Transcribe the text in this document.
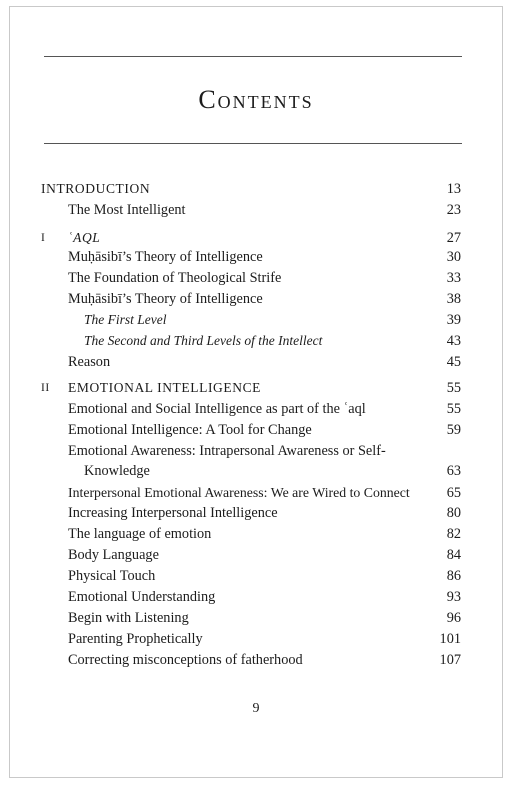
Contents
INTRODUCTION	13
The Most Intelligent	23
I ʿAQL	27
Muḥāsibī’s Theory of Intelligence	30
The Foundation of Theological Strife	33
Muḥāsibī’s Theory of Intelligence	38
The First Level	39
The Second and Third Levels of the Intellect	43
Reason	45
II EMOTIONAL INTELLIGENCE	55
Emotional and Social Intelligence as part of the ʿaql	55
Emotional Intelligence: A Tool for Change	59
Emotional Awareness: Intrapersonal Awareness or Self-
Knowledge	63
Interpersonal Emotional Awareness: We are Wired to Connect	65
Increasing Interpersonal Intelligence	80
The language of emotion	82
Body Language	84
Physical Touch	86
Emotional Understanding	93
Begin with Listening	96
Parenting Prophetically	101
Correcting misconceptions of fatherhood	107
9
